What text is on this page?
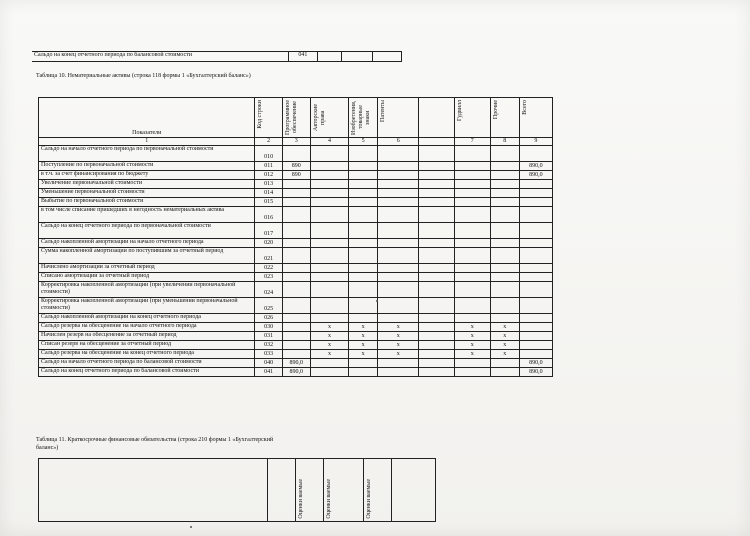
Сальдо на конец отчетного периода по балансовой стоимости	041			
Таблица 10. Нематериальные активы (строка 118 формы 1 «Бухгалтерский баланс»)
Показатели	Код строки	Программное обеспечение	Авторские права	Изобретения, товарные знаки	Патенты		Гудвилл	Прочие	Всего

1	2	3	4	5	6		7	8	9
Сальдо на начало отчетного периода по первоначальной стоимости	010								
Поступление по первоначальной стоимости	011	890							890,0
в т.ч. за счет финансирования по бюджету	012	890							890,0
Увеличение первоначальной стоимости	013								
Уменьшение первоначальной стоимости	014								
Выбытие по первоначальной стоимости	015								
в том числе списание пришедших в негодность нематериальных актива	016								
Сальдо на конец отчетного периода по первоначальной стоимости	017								
Сальдо накопленной амортизации на начало отчетного периода	020								
Сумма накопленной амортизации по поступившим за отчетный период	021								
Начислено амортизации за отчетный период	022								
Списано амортизации за отчетный период	023								
Корректировка накопленной амортизации (при увеличении первоначальной стоимости)	024								
Корректировка накопленной амортизации (при уменьшении первоначальной стоимости)	025								
Сальдо накопленной амортизации на конец отчетного периода	026								
Сальдо резерва на обесценение на начало отчетного периода	030		x	x	x		x	x	
Начислен резерв на обесценение за отчетный период	031		x	x	x		x	x	
Списан резерв на обесценение за отчетный период	032		x	x	x		x	x	
Сальдо резерва на обесценение на конец отчетного периода	033		x	x	x		x	x	
Сальдо на начало отчетного периода по балансовой стоимости	040	890,0							890,0
Сальдо на конец отчетного периода по балансовой стоимости	041	890,0							890,0
Таблица 11. Краткосрочные финансовые обязательства (строка 210 формы 1 «Бухгалтерский баланс»)

Оценки ваемые

Оценки ваемые

Оценки ваемые
